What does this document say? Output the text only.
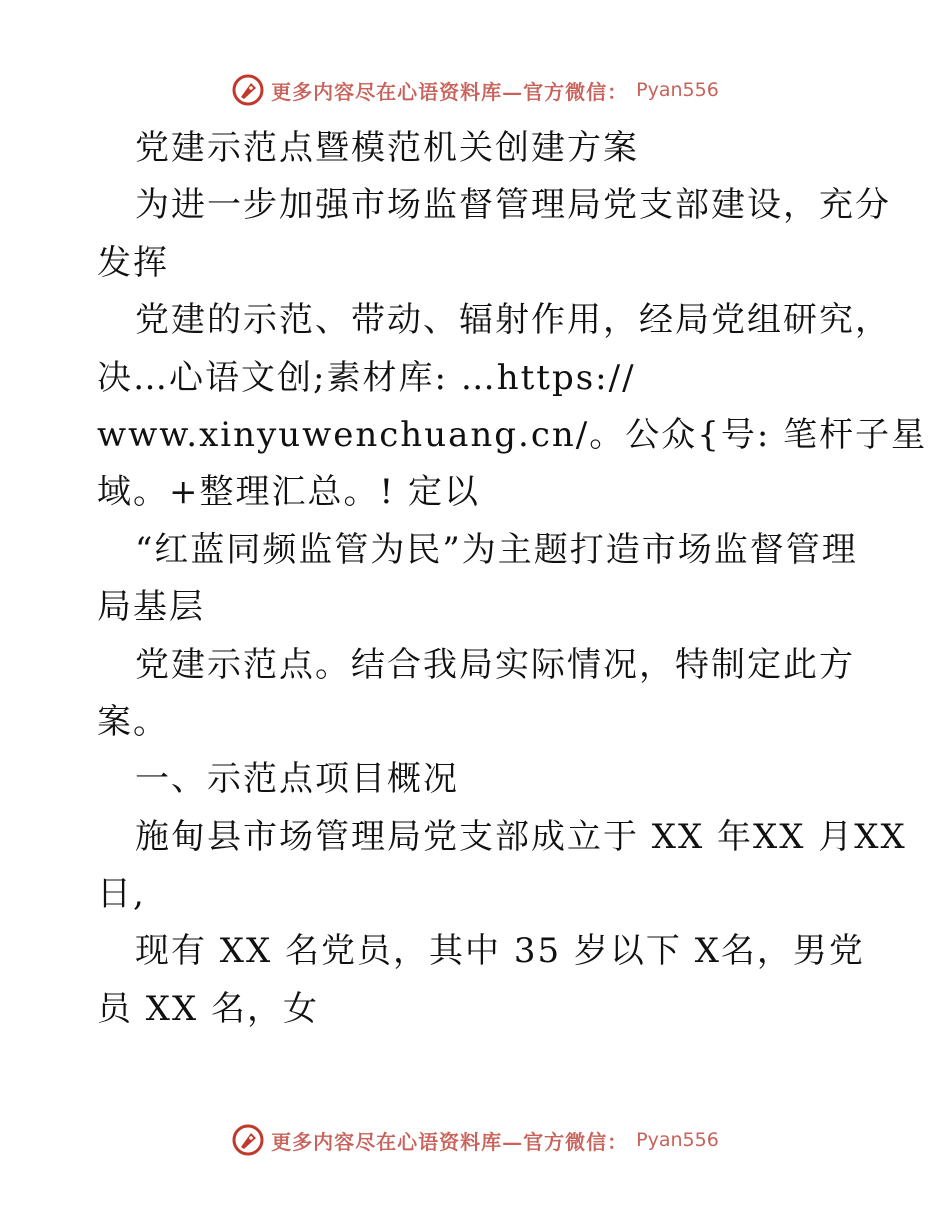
更多内容尽在心语资料库—官方微信： Pyan556
党建示范点暨模范机关创建方案
为进一步加强市场监督管理局党支部建设，充分
发挥
党建的示范、带动、辐射作用，经局党组研究，
决…心语文创;素材库: …https://
www.xinyuwenchuang.cn/。公众{号: 笔杆子星
域。+整理汇总。! 定以
“红蓝同频监管为民”为主题打造市场监督管理
局基层
党建示范点。结合我局实际情况，特制定此方
案。
一、示范点项目概况
施甸县市场管理局党支部成立于 XX 年XX 月XX
日,
现有 XX 名党员，其中 35 岁以下 X名，男党
员 XX 名，女
更多内容尽在心语资料库—官方微信： Pyan556
